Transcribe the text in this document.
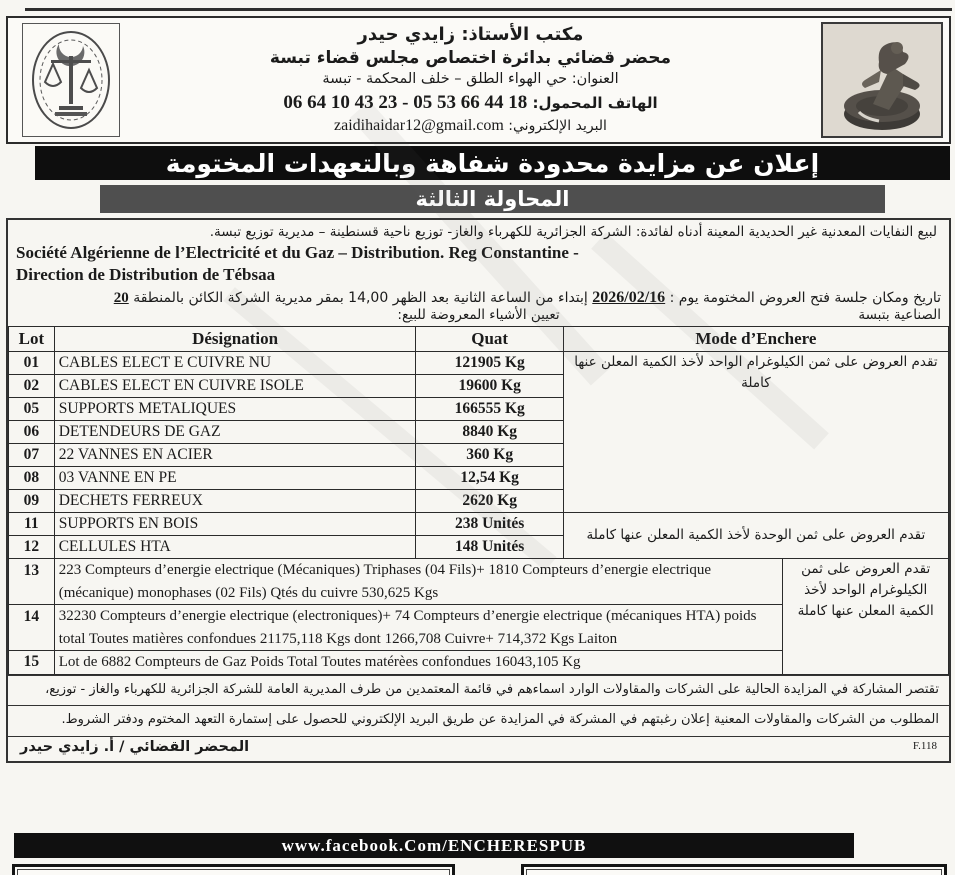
مكتب الأستاذ: زايدي حيدر
محضر قضائي بدائرة اختصاص مجلس قضاء تبسة
العنوان: حي الهواء الطلق – خلف المحكمة - تبسة
الهاتف المحمول: 06 64 10 43 23 - 05 53 66 44 18
البريد الإلكتروني: zaidihaidar12@gmail.com
إعلان عن مزايدة محدودة شفاهة وبالتعهدات المختومة
المحاولة الثالثة
لبيع النفايات المعدنية غير الحديدية المعينة أدناه لفائدة: الشركة الجزائرية للكهرباء والغاز- توزيع ناحية قسنطينة – مديرية توزيع تبسة.
Société Algérienne de l’Electricité et du Gaz – Distribution. Reg Constantine -
Direction de Distribution de Tébsaa
تاريخ ومكان جلسة فتح العروض المختومة يوم : 2026/02/16 إبتداء من الساعة الثانية بعد الظهر 14,00 بمقر مديرية الشركة الكائن بالمنطقة 20
الصناعية بتبسة
تعيين الأشياء المعروضة للبيع:
Lot	Désignation	Quat	Mode d’Enchere	
01	CABLES ELECT E CUIVRE NU	121905 Kg	تقدم العروض على ثمن الكيلوغرام الواحد لأخذ الكمية المعلن عنها كاملة	
02	CABLES ELECT EN CUIVRE ISOLE	19600 Kg		
05	SUPPORTS METALIQUES	166555 Kg		
06	DETENDEURS DE GAZ	8840 Kg		
07	22 VANNES EN ACIER	360 Kg		
08	03 VANNE EN PE	12,54 Kg		
09	DECHETS FERREUX	2620 Kg		
11	SUPPORTS EN BOIS	238 Unités	تقدم العروض على ثمن الوحدة لأخذ الكمية المعلن عنها كاملة	
12	CELLULES HTA	148 Unités		
13	223 Compteurs d’energie electrique (Mécaniques) Triphases (04 Fils)+ 1810 Compteurs d’energie electrique (mécanique) monophases (02 Fils) Qtés du cuivre 530,625 Kgs			تقدم العروض على ثمن الكيلوغرام الواحد لأخذ الكمية المعلن عنها كاملة
14	32230 Compteurs d’energie electrique (electroniques)+ 74 Compteurs d’energie electrique (mécaniques HTA) poids total Toutes matières confondues 21175,118 Kgs dont 1266,708 Cuivre+ 714,372 Kgs Laiton			
15	Lot de 6882 Compteurs de Gaz Poids Total Toutes matérèes confondues 16043,105 Kg			
تقتصر المشاركة في المزايدة الحالية على الشركات والمقاولات الوارد اسماءهم في قائمة المعتمدين من طرف المديرية العامة للشركة الجزائرية للكهرباء والغاز - توزيع،
المطلوب من الشركات والمقاولات المعنية إعلان رغبتهم في المشركة في المزايدة عن طريق البريد الإلكتروني للحصول على إستمارة التعهد المختوم ودفتر الشروط.
المحضر القضائي / أ. زايدي حيدر	F.118
www.facebook.Com/ENCHERESPUB
